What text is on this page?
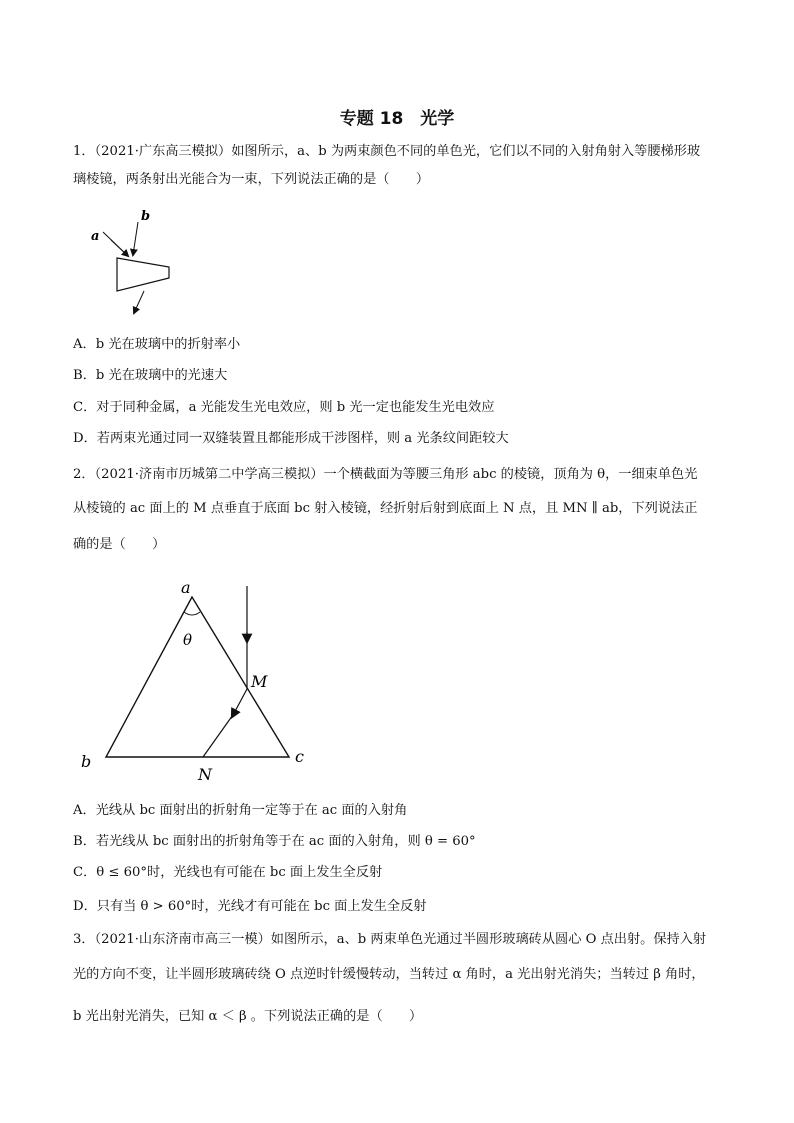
专题 18　光学
1．（2021·广东高三模拟）如图所示，a、b 为两束颜色不同的单色光，它们以不同的入射角射入等腰梯形玻
璃棱镜，两条射出光能合为一束，下列说法正确的是（　　）
a
b
A．b 光在玻璃中的折射率小
B．b 光在玻璃中的光速大
C．对于同种金属，a 光能发生光电效应，则 b 光一定也能发生光电效应
D．若两束光通过同一双缝装置且都能形成干涉图样，则 a 光条纹间距较大
2．（2021·济南市历城第二中学高三模拟）一个横截面为等腰三角形 abc 的棱镜，顶角为 θ，一细束单色光
从棱镜的 ac 面上的 M 点垂直于底面 bc 射入棱镜，经折射后射到底面上 N 点，且 MN ∥ ab，下列说法正
确的是（　　）
a
θ
M
b
N
c
A．光线从 bc 面射出的折射角一定等于在 ac 面的入射角
B．若光线从 bc 面射出的折射角等于在 ac 面的入射角，则 θ = 60°
C．θ ≤ 60°时，光线也有可能在 bc 面上发生全反射
D．只有当 θ > 60°时，光线才有可能在 bc 面上发生全反射
3．（2021·山东济南市高三一模）如图所示，a、b 两束单色光通过半圆形玻璃砖从圆心 O 点出射。保持入射
光的方向不变，让半圆形玻璃砖绕 O 点逆时针缓慢转动，当转过 α 角时，a 光出射光消失；当转过 β 角时，
b 光出射光消失，已知 α ＜ β 。下列说法正确的是（　　）
